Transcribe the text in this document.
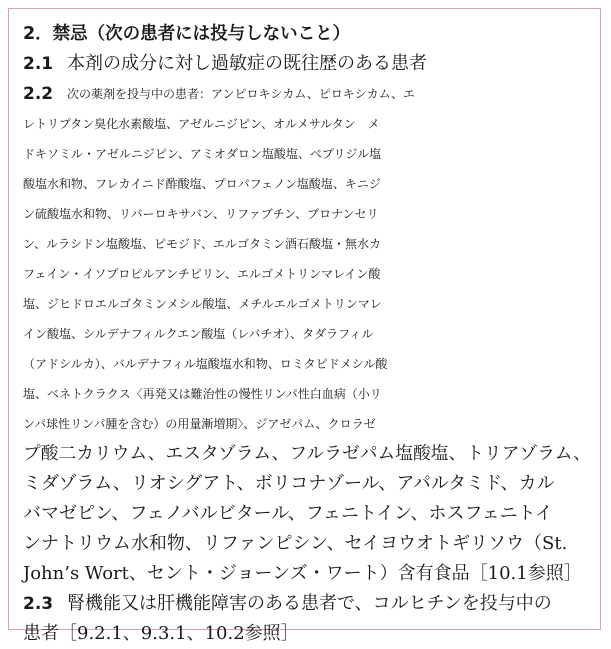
2．禁忌（次の患者には投与しないこと）

2.1 本剤の成分に対し過敏症の既往歴のある患者

2.2	次の薬剤を投与中の患者：アンピロキシカム、ピロキシカム、エ
レトリプタン臭化水素酸塩、アゼルニジピン、オルメサルタン　メ
ドキソミル・アゼルニジピン、アミオダロン塩酸塩、ベプリジル塩
酸塩水和物、フレカイニド酢酸塩、プロパフェノン塩酸塩、キニジ
ン硫酸塩水和物、リバーロキサバン、リファブチン、ブロナンセリ
ン、ルラシドン塩酸塩、ピモジド、エルゴタミン酒石酸塩・無水カ
フェイン・イソプロピルアンチピリン、エルゴメトリンマレイン酸
塩、ジヒドロエルゴタミンメシル酸塩、メチルエルゴメトリンマレ
イン酸塩、シルデナフィルクエン酸塩（レバチオ）、タダラフィル
（アドシルカ）、バルデナフィル塩酸塩水和物、ロミタピドメシル酸
塩、ベネトクラクス〈再発又は難治性の慢性リンパ性白血病（小リ
ンパ球性リンパ腫を含む）の用量漸増期〉、ジアゼパム、クロラゼ
プ酸二カリウム、エスタゾラム、フルラゼパム塩酸塩、トリアゾラム、
ミダゾラム、リオシグアト、ボリコナゾール、アパルタミド、カル
バマゼピン、フェノバルビタール、フェニトイン、ホスフェニトイ
ンナトリウム水和物、リファンピシン、セイヨウオトギリソウ（St.
John’s Wort、セント・ジョーンズ・ワート）含有食品［10.1参照］

2.3 腎機能又は肝機能障害のある患者で、コルヒチンを投与中の
患者［9.2.1、9.3.1、10.2参照］
